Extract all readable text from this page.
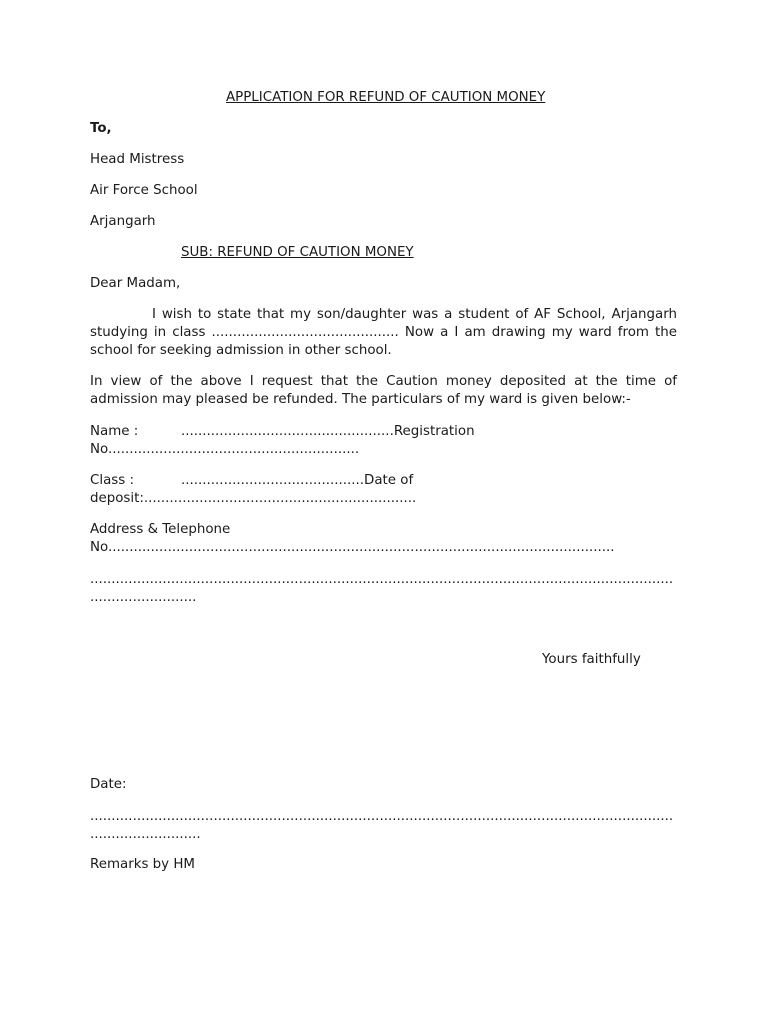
APPLICATION FOR REFUND OF CAUTION MONEY
To,
Head Mistress
Air Force School
Arjangarh
SUB: REFUND OF CAUTION MONEY
Dear Madam,
I wish to state that my son/daughter was a student of AF School, Arjangarh
studying in class ............................................ Now a I am drawing my ward from the
school for seeking admission in other school.
In view of the above I request that the Caution money deposited at the time of
admission may pleased be refunded. The particulars of my ward is given below:-
Name :	..................................................Registration
No...........................................................
Class :	...........................................Date of
deposit:................................................................
Address & Telephone
No.......................................................................................................................
.........................................................................................................................................
.........................
Yours faithfully
Date:
.........................................................................................................................................
..........................
Remarks by HM
